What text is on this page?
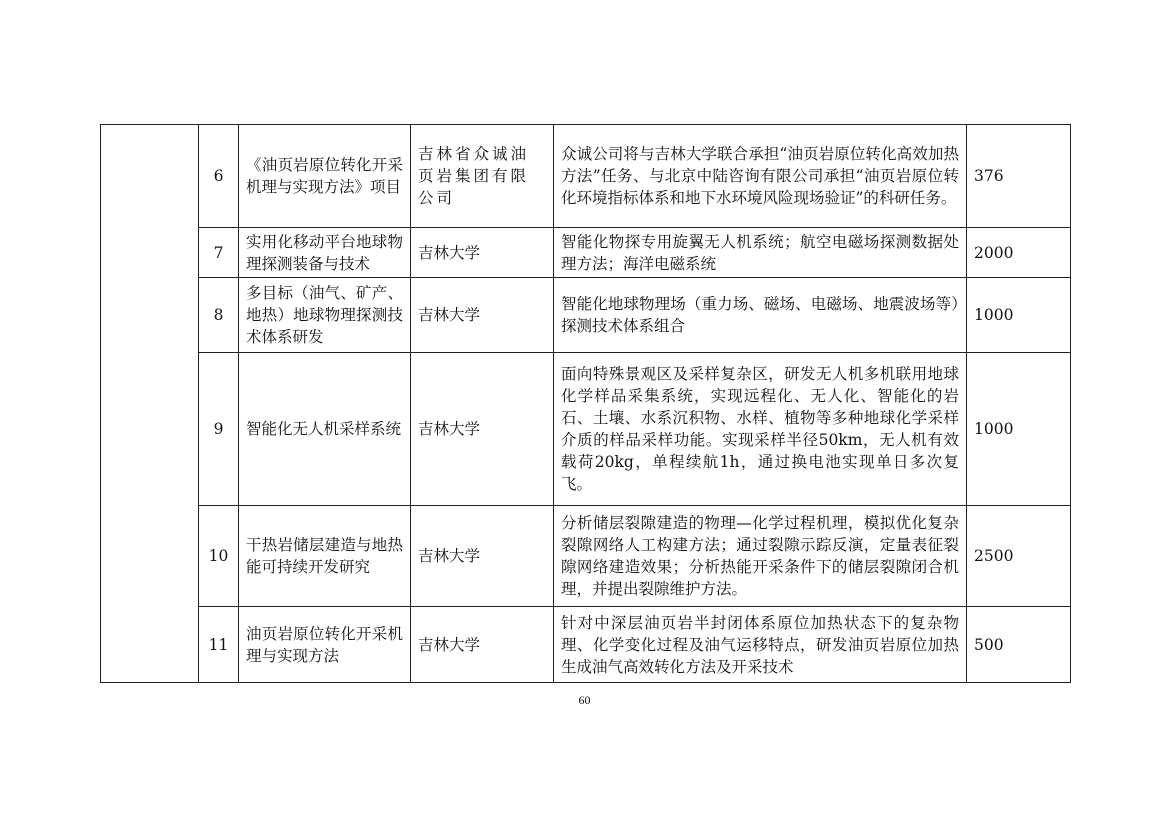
	6	《油页岩原位转化开采机理与实现方法》项目	吉林省众诚油页岩集团有限公司	众诚公司将与吉林大学联合承担“油页岩原位转化高效加热方法”任务、与北京中陆咨询有限公司承担“油页岩原位转化环境指标体系和地下水环境风险现场验证”的科研任务。	376
	7	实用化移动平台地球物理探测装备与技术	吉林大学	智能化物探专用旋翼无人机系统；航空电磁场探测数据处理方法；海洋电磁系统	2000
	8	多目标（油气、矿产、地热）地球物理探测技术体系研发	吉林大学	智能化地球物理场（重力场、磁场、电磁场、地震波场等）探测技术体系组合	1000
	9	智能化无人机采样系统	吉林大学	面向特殊景观区及采样复杂区，研发无人机多机联用地球化学样品采集系统，实现远程化、无人化、智能化的岩石、土壤、水系沉积物、水样、植物等多种地球化学采样介质的样品采样功能。实现采样半径50km，无人机有效载荷20kg，单程续航1h，通过换电池实现单日多次复飞。	1000
	10	干热岩储层建造与地热能可持续开发研究	吉林大学	分析储层裂隙建造的物理—化学过程机理，模拟优化复杂裂隙网络人工构建方法；通过裂隙示踪反演，定量表征裂隙网络建造效果；分析热能开采条件下的储层裂隙闭合机理，并提出裂隙维护方法。	2500
	11	油页岩原位转化开采机理与实现方法	吉林大学	针对中深层油页岩半封闭体系原位加热状态下的复杂物理、化学变化过程及油气运移特点，研发油页岩原位加热生成油气高效转化方法及开采技术	500
60
